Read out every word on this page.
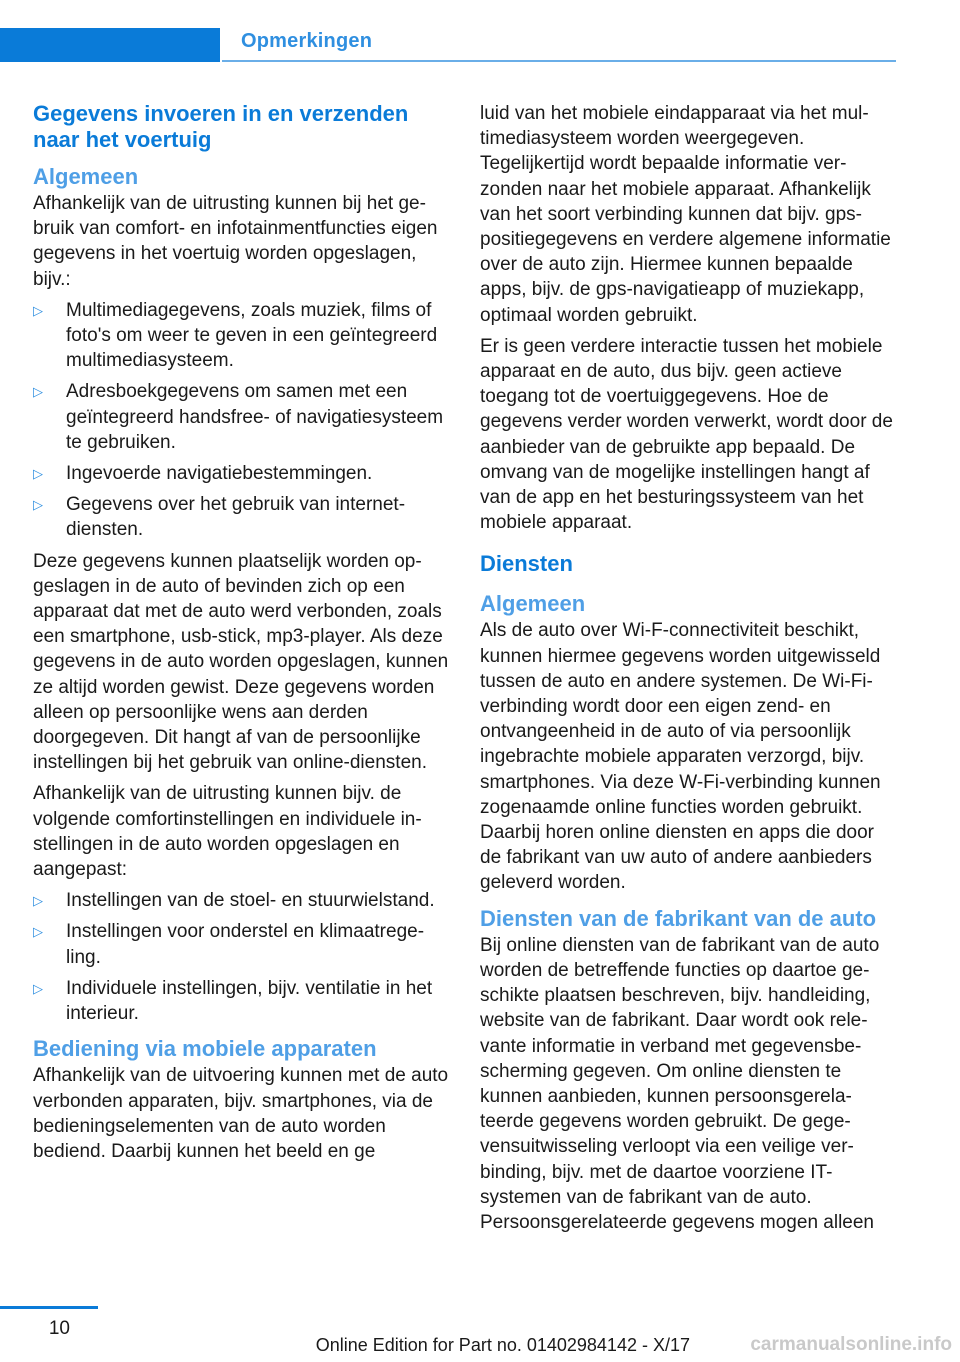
Opmerkingen
Gegevens invoeren in en verzenden naar het voertuig
Algemeen

Afhankelijk van de uitrusting kunnen bij het gebruik van comfort- en infotainmentfuncties eigen gegevens in het voertuig worden opgeslagen, bijv.:

▷ Multimediagegevens, zoals muziek, films of foto's om weer te geven in een geïntegreerd multimediasysteem.
▷ Adresboekgegevens om samen met een geïntegreerd handsfree- of navigatiesysteem te gebruiken.
▷ Ingevoerde navigatiebestemmingen.
▷ Gegevens over het gebruik van internetdiensten.

Deze gegevens kunnen plaatselijk worden opgeslagen in de auto of bevinden zich op een apparaat dat met de auto werd verbonden, zoals een smartphone, usb-stick, mp3-player. Als deze gegevens in de auto worden opgeslagen, kunnen ze altijd worden gewist. Deze gegevens worden alleen op persoonlijke wens aan derden doorgegeven. Dit hangt af van de persoonlijke instellingen bij het gebruik van online-diensten.

Afhankelijk van de uitrusting kunnen bijv. de volgende comfortinstellingen en individuele instellingen in de auto worden opgeslagen en aangepast:

▷ Instellingen van de stoel- en stuurwielstand.
▷ Instellingen voor onderstel en klimaatregeling.
▷ Individuele instellingen, bijv. ventilatie in het interieur.
Bediening via mobiele apparaten

Afhankelijk van de uitvoering kunnen met de auto verbonden apparaten, bijv. smartphones, via de bedieningselementen van de auto worden bediend. Daarbij kunnen het beeld en ge

luid van het mobiele eindapparaat via het multimediasysteem worden weergegeven. Tegelijkertijd wordt bepaalde informatie verzonden naar het mobiele apparaat. Afhankelijk van het soort verbinding kunnen dat bijv. gps-positiegegevens en verdere algemene informatie over de auto zijn. Hiermee kunnen bepaalde apps, bijv. de gps-navigatieapp of muziekapp, optimaal worden gebruikt.

Er is geen verdere interactie tussen het mobiele apparaat en de auto, dus bijv. geen actieve toegang tot de voertuiggegevens. Hoe de gegevens verder worden verwerkt, wordt door de aanbieder van de gebruikte app bepaald. De omvang van de mogelijke instellingen hangt af van de app en het besturingssysteem van het mobiele apparaat.

Diensten
Algemeen

Als de auto over Wi-F-connectiviteit beschikt, kunnen hiermee gegevens worden uitgewisseld tussen de auto en andere systemen. De Wi-Fi-verbinding wordt door een eigen zend- en ontvangeenheid in de auto of via persoonlijk ingebrachte mobiele apparaten verzorgd, bijv. smartphones. Via deze W-Fi-verbinding kunnen zogenaamde online functies worden gebruikt. Daarbij horen online diensten en apps die door de fabrikant van uw auto of andere aanbieders geleverd worden.

Diensten van de fabrikant van de auto

Bij online diensten van de fabrikant van de auto worden de betreffende functies op daartoe geschikte plaatsen beschreven, bijv. handleiding, website van de fabrikant. Daar wordt ook relevante informatie in verband met gegevensbescherming gegeven. Om online diensten te kunnen aanbieden, kunnen persoonsgerelateerde gegevens worden gebruikt. De gegevensuitwisseling verloopt via een veilige verbinding, bijv. met de daartoe voorziene IT-systemen van de fabrikant van de auto. Persoonsgerelateerde gegevens mogen alleen

10
Online Edition for Part no. 01402984142 - X/17	carmanualsonline.info
